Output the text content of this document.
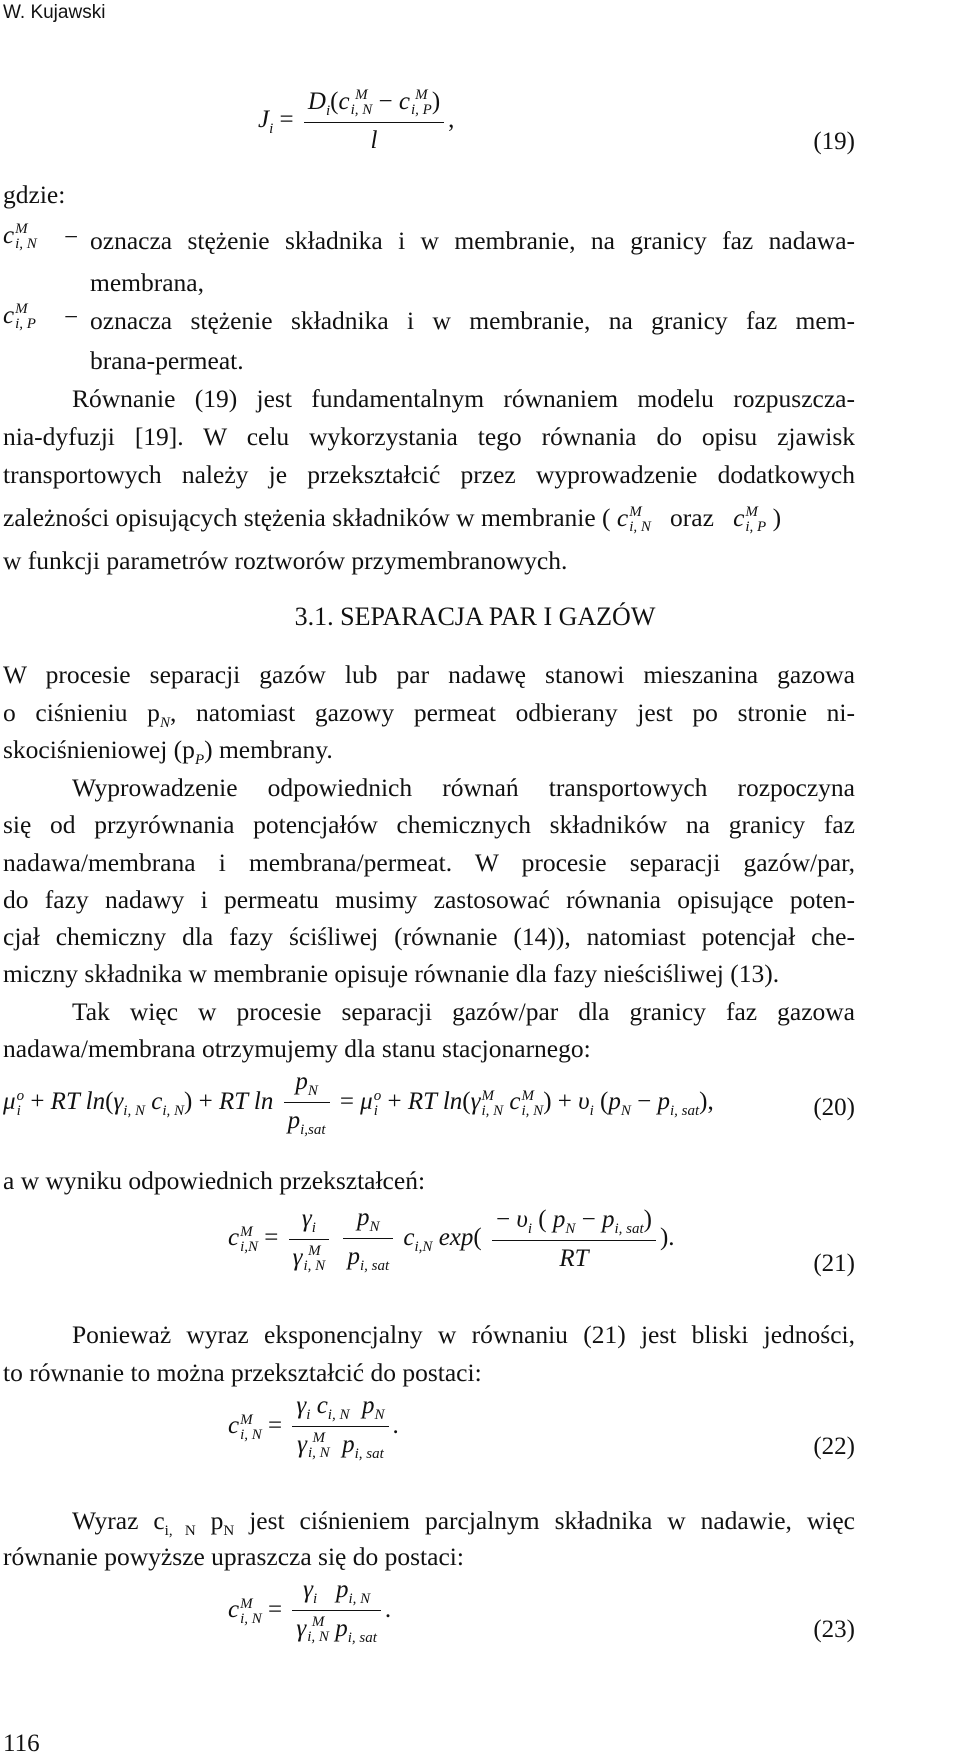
W. Kujawski
$J_i = D_i(c$ M
i, N − c M
i, P )
l ,
(19)
gdzie:
c M
i, N − oznacza stężenie składnika i w membranie, na granicy faz nadawa-
membrana,
c M
i, P − oznacza stężenie składnika i w membranie, na granicy faz mem-
brana-permeat.
Równanie (19) jest fundamentalnym równaniem modelu rozpuszcza-
nia-dyfuzji [19]. W celu wykorzystania tego równania do opisu zjawisk
transportowych należy je przekształcić przez wyprowadzenie dodatkowych
zależności opisujących stężenia składników w membranie ( c M
i, N oraz c M
i, P )
w funkcji parametrów roztworów przymembranowych.
3.1. SEPARACJA PAR I GAZÓW
W procesie separacji gazów lub par nadawę stanowi mieszanina gazowa
o ciśnieniu $p_N$, natomiast gazowy permeat odbierany jest po stronie ni-
skociśnieniowej $(p_P)$ membrany.
Wyprowadzenie odpowiednich równań transportowych rozpoczyna
się od przyrównania potencjałów chemicznych składników na granicy faz
nadawa/membrana i membrana/permeat. W procesie separacji gazów/par,
do fazy nadawy i permeatu musimy zastosować równania opisujące poten-
cjał chemiczny dla fazy ściśliwej (równanie (14)), natomiast potencjał che-
miczny składnika w membranie opisuje równanie dla fazy nieściśliwej (13).
Tak więc w procesie separacji gazów/par dla granicy faz gazowa
nadawa/membrana otrzymujemy dla stanu stacjonarnego:
μ o
i + RT $\ln(\gamma_{i, N}$ $c_{i, N}$) + RT $\ln \frac{p_N}{p_{i,sat}} = \mu$ o
i + RT ln(γ M
i, N c M
i, N ) + $\upsilon_i$ $(p_N - p_{i, sat})$,	(20)
a w wyniku odpowiednich przekształceń:
c M
$i,N = \gamma_i$
γ M
i, N
$\frac{p_N}{p_{i, sat}} c_{i,N}$ $\exp( \frac{- \upsilon_i ( p_N - p_{i, sat})}{RT}$ ).
(21)
Ponieważ wyraz eksponencjalny w równaniu (21) jest bliski jedności,
to równanie to można przekształcić do postaci:
c M
i, $N = \gamma_i$ $c_{i, N}$  $p_N$
γ M
i, N $p_{i, sat}$ .
(22)
Wyraz $c_{i, N}$ $p_N$ jest ciśnieniem parcjalnym składnika w nadawie, więc
równanie powyższe upraszcza się do postaci:
c M
i, $N = \gamma_i$   $p_{i, N}$
γ M
i, N $p_{i, sat}$ .
(23)
116
